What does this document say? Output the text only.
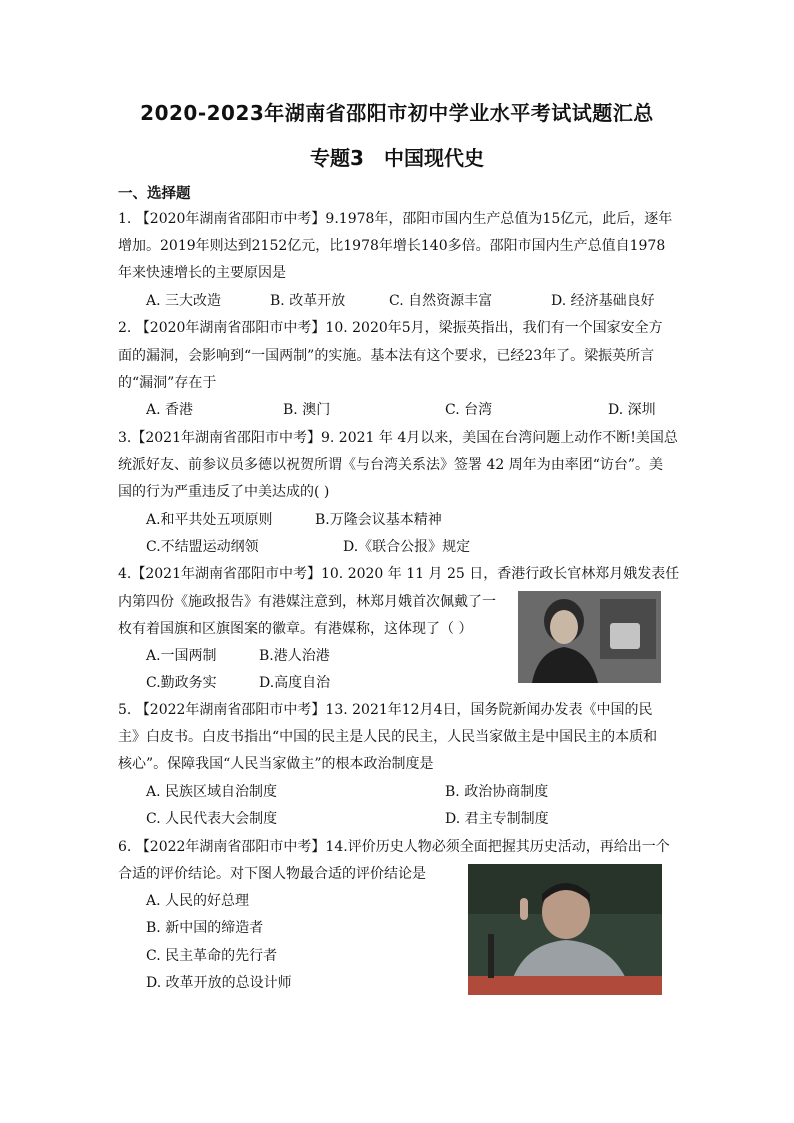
2020-2023年湖南省邵阳市初中学业水平考试试题汇总
专题3　中国现代史
一、选择题
1. 【2020年湖南省邵阳市中考】9.1978年，邵阳市国内生产总值为15亿元，此后，逐年
增加。2019年则达到2152亿元，比1978年增长140多倍。邵阳市国内生产总值自1978
年来快速增长的主要原因是
A. 三大改造	B. 改革开放	C. 自然资源丰富	D. 经济基础良好
2. 【2020年湖南省邵阳市中考】10. 2020年5月，梁振英指出，我们有一个国家安全方
面的漏洞，会影响到“一国两制”的实施。基本法有这个要求，已经23年了。梁振英所言
的“漏洞”存在于
A. 香港	B. 澳门	C. 台湾	D. 深圳
3.【2021年湖南省邵阳市中考】9. 2021 年 4月以来，美国在台湾问题上动作不断!美国总
统派好友、前参议员多德以祝贺所谓《与台湾关系法》签署 42 周年为由率团“访台”。美
国的行为严重违反了中美达成的( )
A.和平共处五项原则	B.万隆会议基本精神
C.不结盟运动纲领	D.《联合公报》规定
4.【2021年湖南省邵阳市中考】10. 2020 年 11 月 25 日，香港行政长官林郑月娥发表任
内第四份《施政报告》有港媒注意到，林郑月娥首次佩戴了一
枚有着国旗和区旗图案的徽章。有港媒称，这体现了（ ）
A.一国两制	B.港人治港
C.勤政务实	D.高度自治
5. 【2022年湖南省邵阳市中考】13. 2021年12月4日，国务院新闻办发表《中国的民
主》白皮书。白皮书指出“中国的民主是人民的民主，人民当家做主是中国民主的本质和
核心”。保障我国“人民当家做主”的根本政治制度是
A. 民族区域自治制度	B. 政治协商制度
C. 人民代表大会制度	D. 君主专制制度
6. 【2022年湖南省邵阳市中考】14.评价历史人物必须全面把握其历史活动，再给出一个
合适的评价结论。对下图人物最合适的评价结论是
A. 人民的好总理
B. 新中国的缔造者
C. 民主革命的先行者
D. 改革开放的总设计师
